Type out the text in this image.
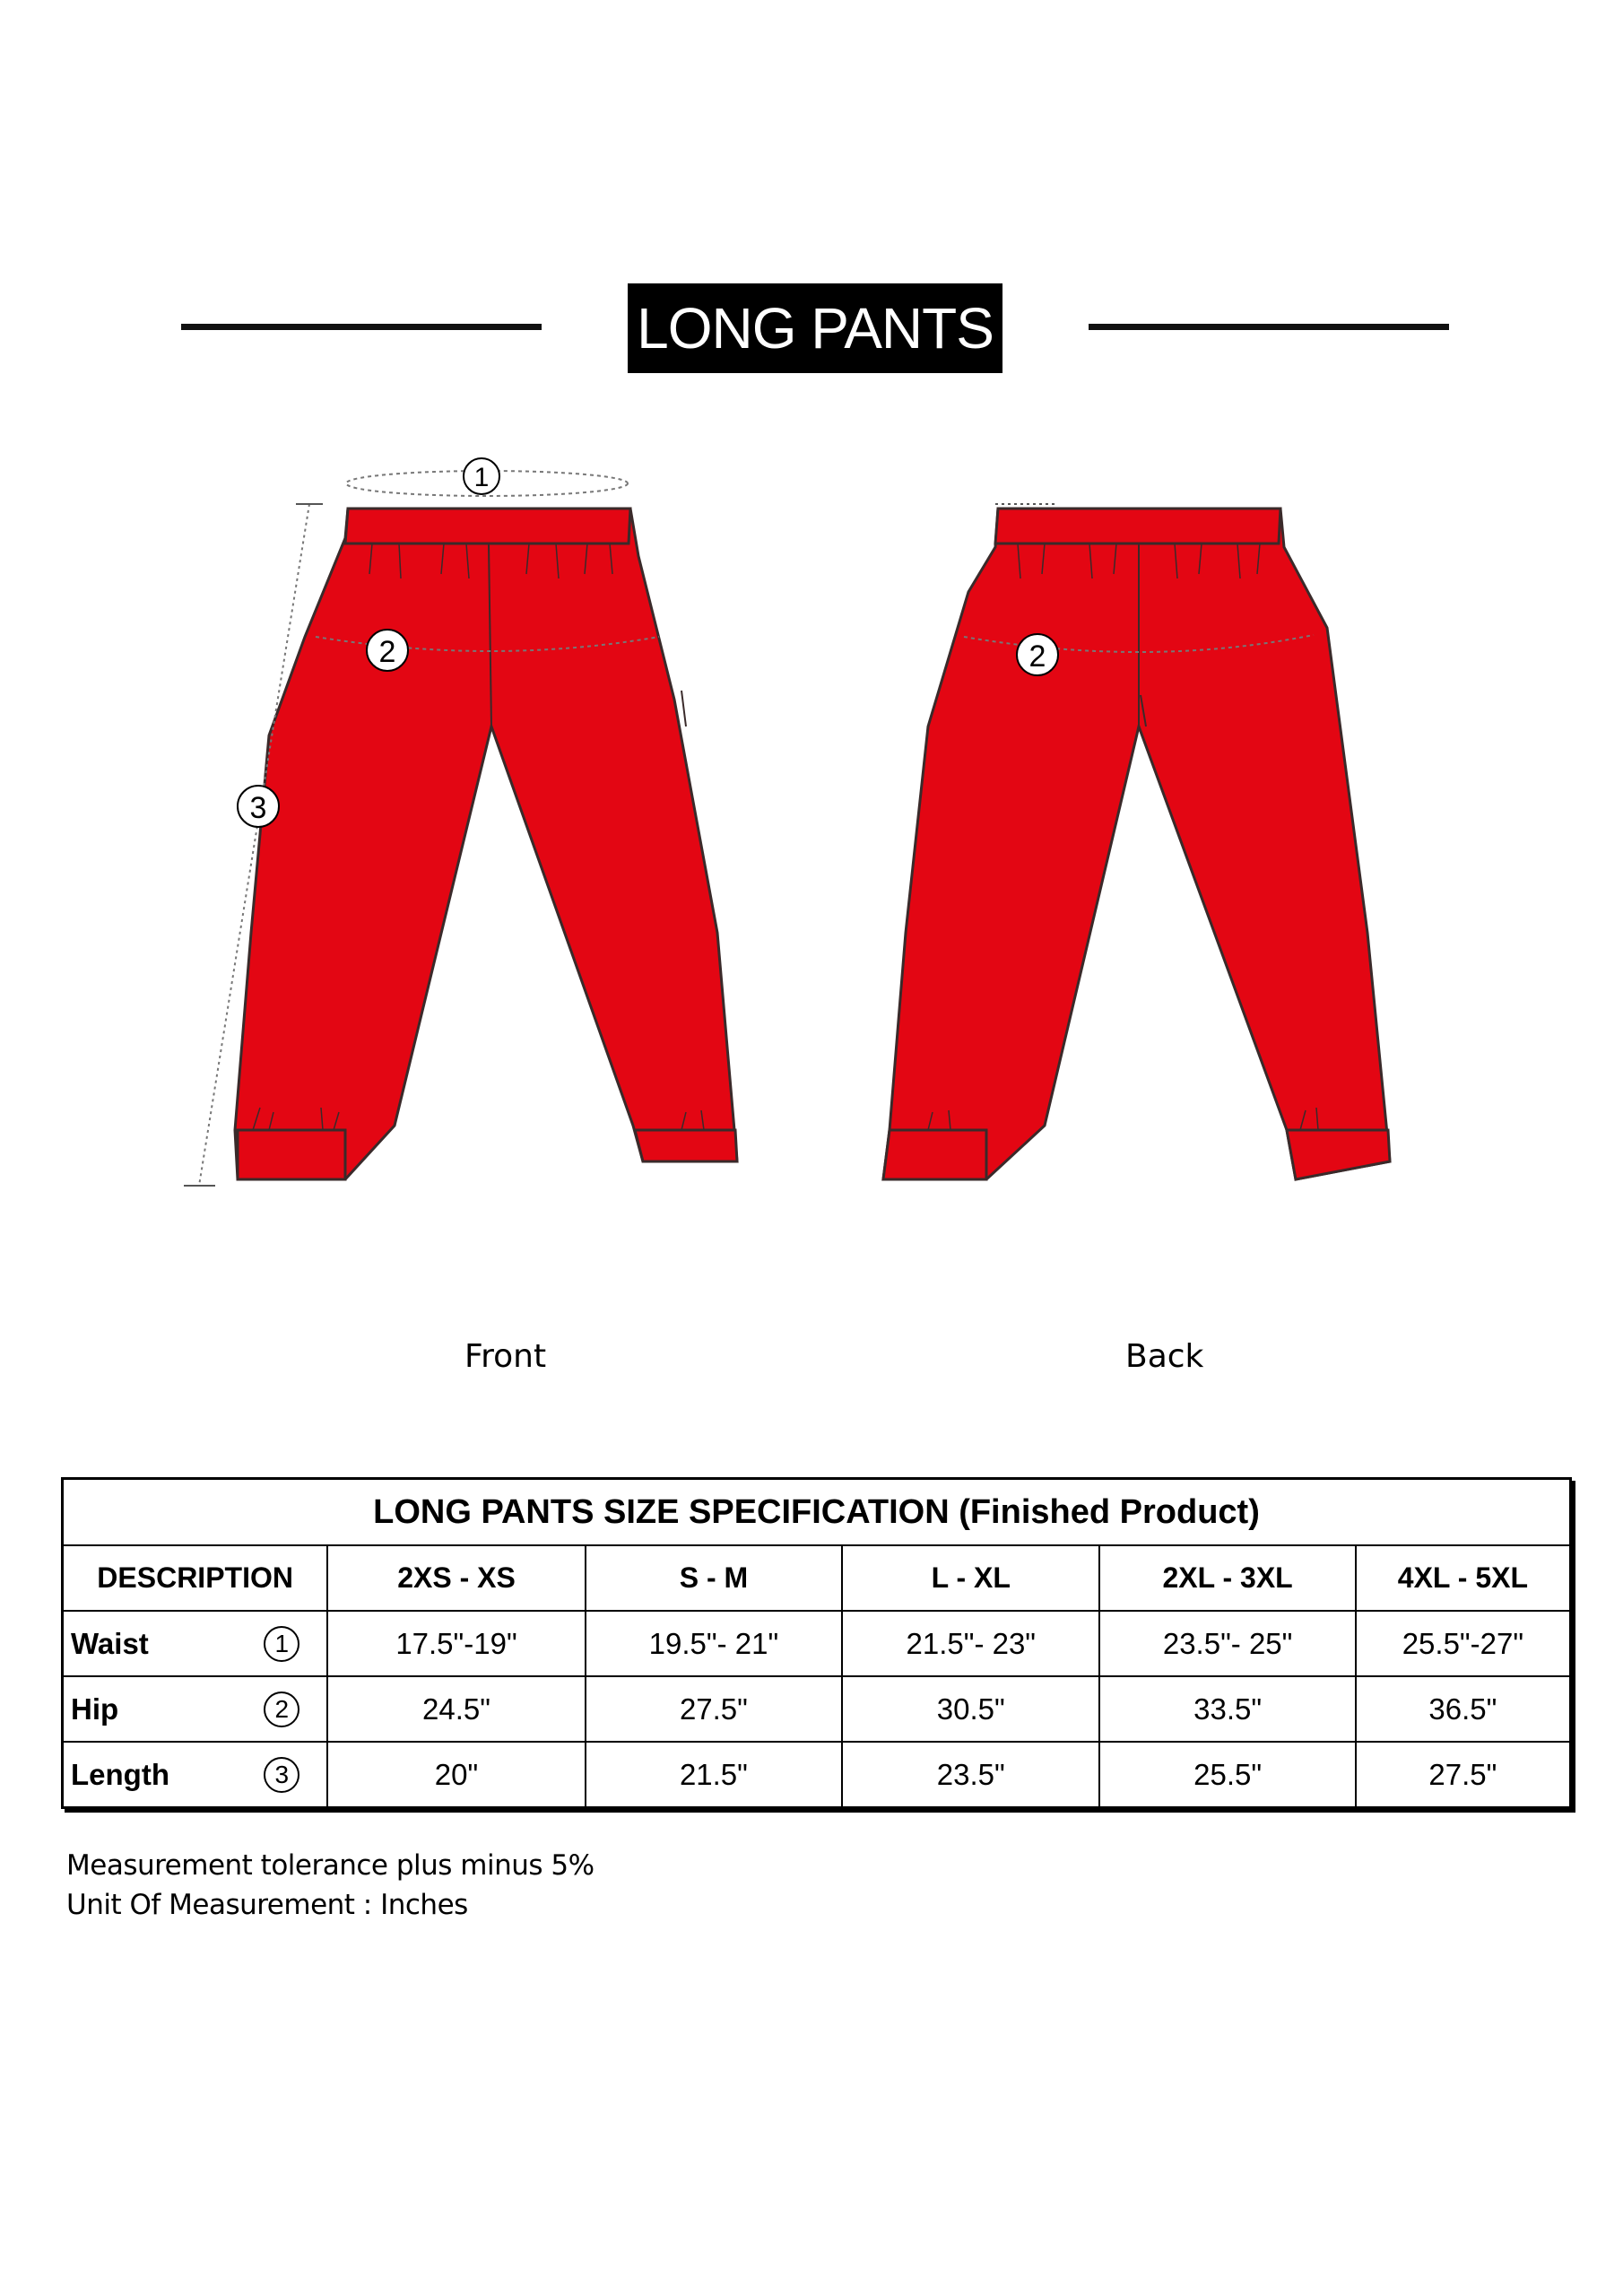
LONG PANTS
1
2
3
2
Front	Back
LONG PANTS SIZE SPECIFICATION (Finished Product)					
DESCRIPTION	2XS - XS	S - M	L - XL	2XL - 3XL	4XL - 5XL
Waist 1	17.5"-19"	19.5"- 21"	21.5"- 23"	23.5"- 25"	25.5"-27"
Hip 2	24.5"	27.5"	30.5"	33.5"	36.5"
Length 3	20"	21.5"	23.5"	25.5"	27.5"
Measurement tolerance plus minus 5%
Unit Of Measurement : Inches
